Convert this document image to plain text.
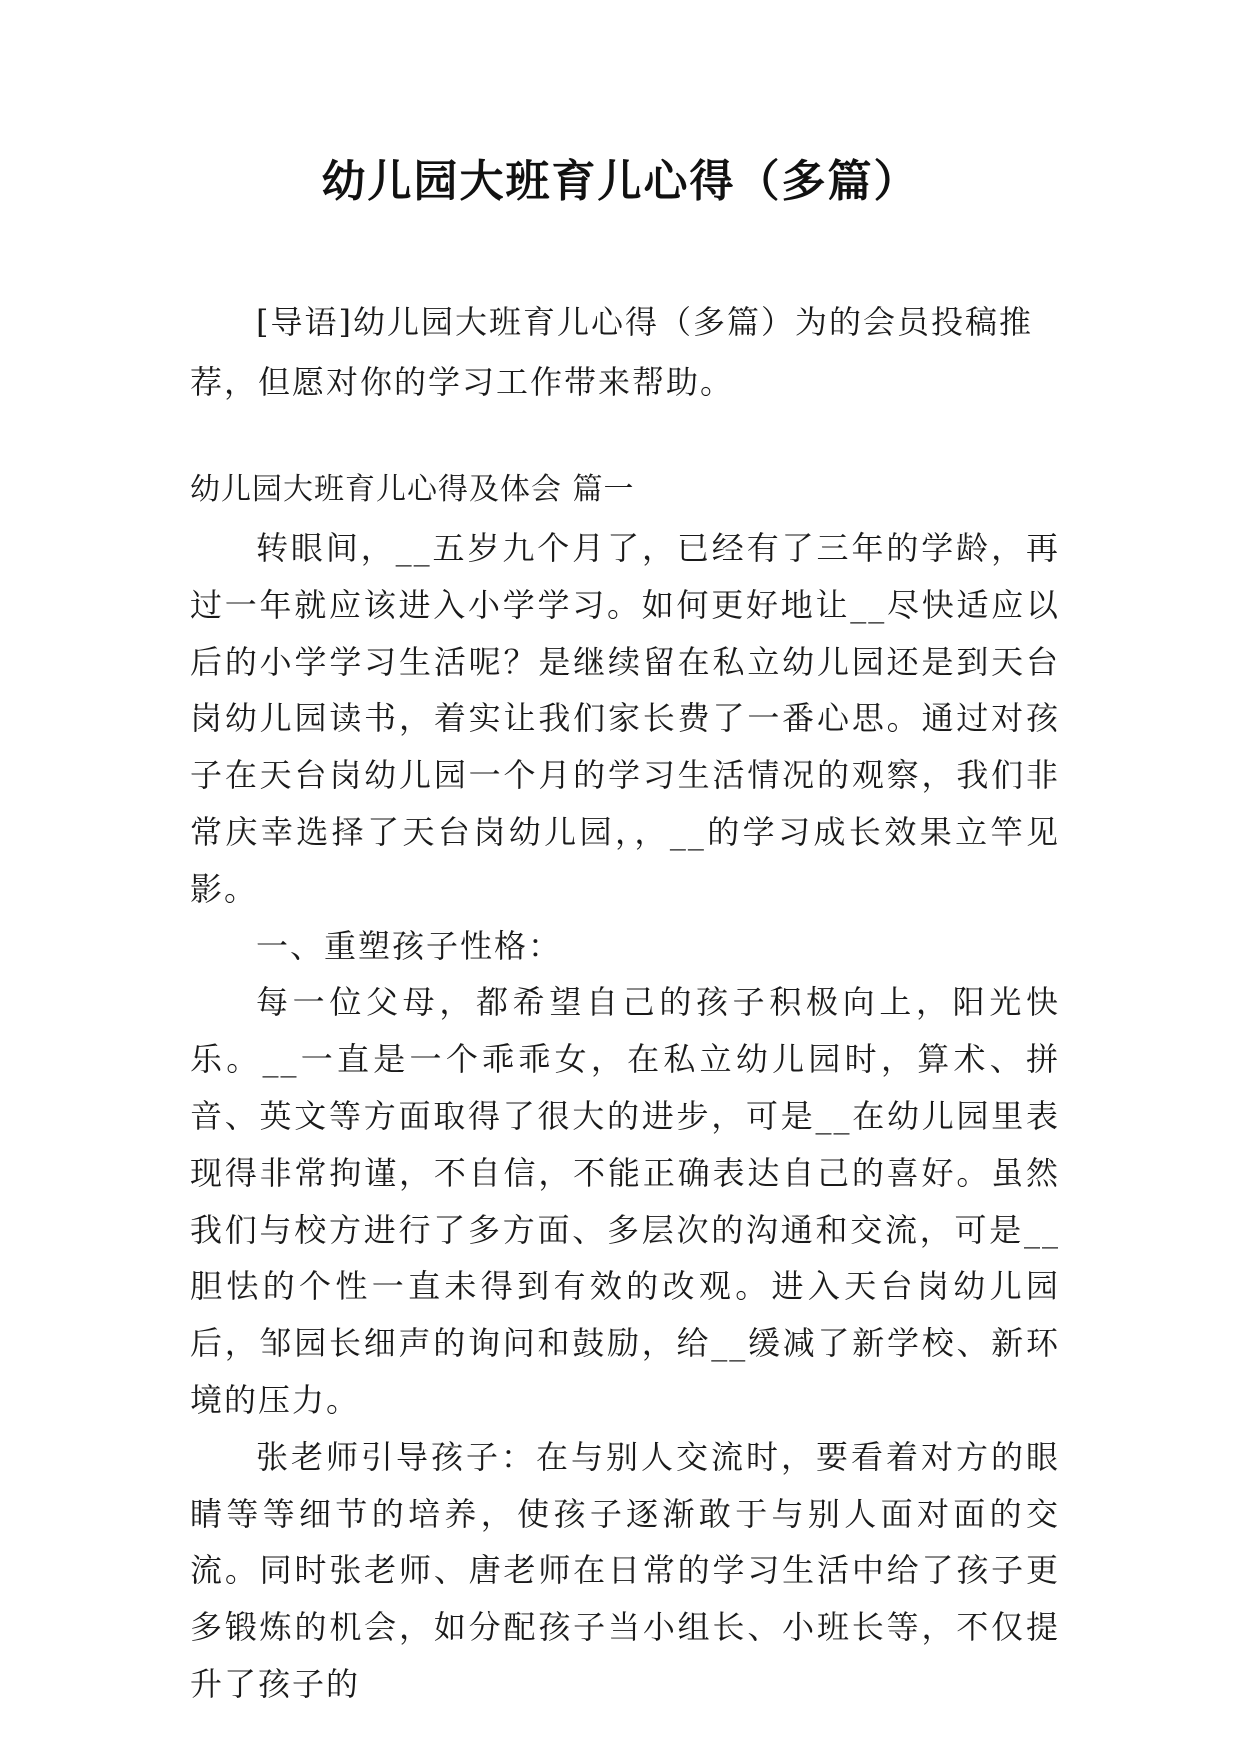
幼儿园大班育儿心得（多篇）
[导语]幼儿园大班育儿心得（多篇）为的会员投稿推荐，但愿对你的学习工作带来帮助。
幼儿园大班育儿心得及体会 篇一

转眼间，__五岁九个月了，已经有了三年的学龄，再过一年就应该进入小学学习。如何更好地让__尽快适应以后的小学学习生活呢？是继续留在私立幼儿园还是到天台岗幼儿园读书，着实让我们家长费了一番心思。通过对孩子在天台岗幼儿园一个月的学习生活情况的观察，我们非常庆幸选择了天台岗幼儿园，，__的学习成长效果立竿见影。

一、重塑孩子性格：

每一位父母，都希望自己的孩子积极向上，阳光快乐。__一直是一个乖乖女，在私立幼儿园时，算术、拼音、英文等方面取得了很大的进步，可是__在幼儿园里表现得非常拘谨，不自信，不能正确表达自己的喜好。虽然我们与校方进行了多方面、多层次的沟通和交流，可是__胆怯的个性一直未得到有效的改观。进入天台岗幼儿园后，邹园长细声的询问和鼓励，给__缓减了新学校、新环境的压力。

张老师引导孩子：在与别人交流时，要看着对方的眼睛等等细节的培养，使孩子逐渐敢于与别人面对面的交流。同时张老师、唐老师在日常的学习生活中给了孩子更多锻炼的机会，如分配孩子当小组长、小班长等，不仅提升了孩子的
